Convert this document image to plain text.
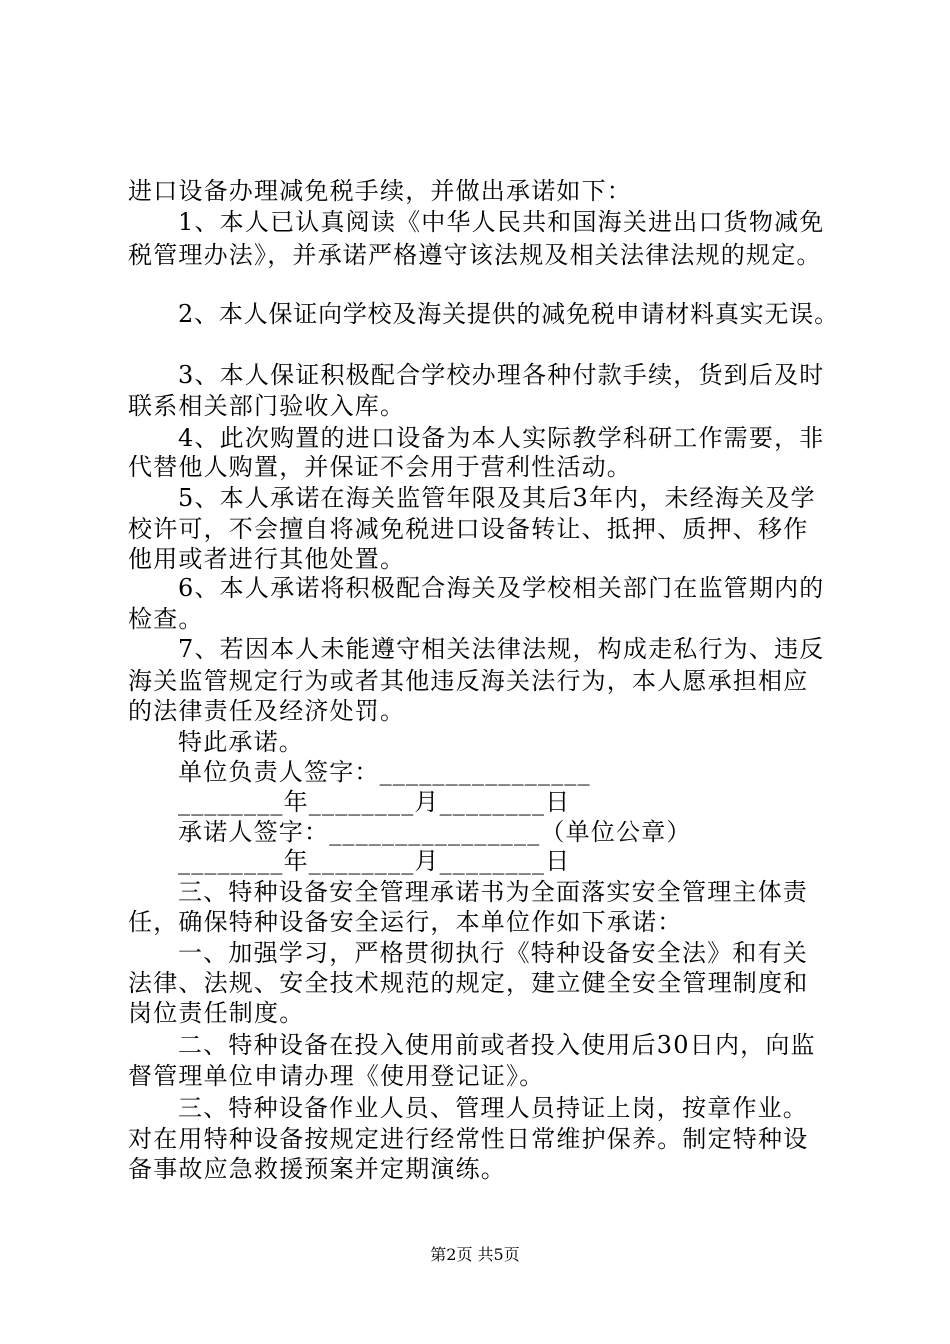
进口设备办理减免税手续，并做出承诺如下：
1、本人已认真阅读《中华人民共和国海关进出口货物减免
税管理办法》，并承诺严格遵守该法规及相关法律法规的规定。
2、本人保证向学校及海关提供的减免税申请材料真实无误。
3、本人保证积极配合学校办理各种付款手续，货到后及时
联系相关部门验收入库。
4、此次购置的进口设备为本人实际教学科研工作需要，非
代替他人购置，并保证不会用于营利性活动。
5、本人承诺在海关监管年限及其后3年内，未经海关及学
校许可，不会擅自将减免税进口设备转让、抵押、质押、移作
他用或者进行其他处置。
6、本人承诺将积极配合海关及学校相关部门在监管期内的
检查。
7、若因本人未能遵守相关法律法规，构成走私行为、违反
海关监管规定行为或者其他违反海关法行为，本人愿承担相应
的法律责任及经济处罚。
特此承诺。
单位负责人签字：________________
________年________月________日
承诺人签字：________________（单位公章）
________年________月________日
三、特种设备安全管理承诺书为全面落实安全管理主体责
任，确保特种设备安全运行，本单位作如下承诺：
一、加强学习，严格贯彻执行《特种设备安全法》和有关
法律、法规、安全技术规范的规定，建立健全安全管理制度和
岗位责任制度。
二、特种设备在投入使用前或者投入使用后30日内，向监
督管理单位申请办理《使用登记证》。
三、特种设备作业人员、管理人员持证上岗，按章作业。
对在用特种设备按规定进行经常性日常维护保养。制定特种设
备事故应急救援预案并定期演练。
第2页 共5页
